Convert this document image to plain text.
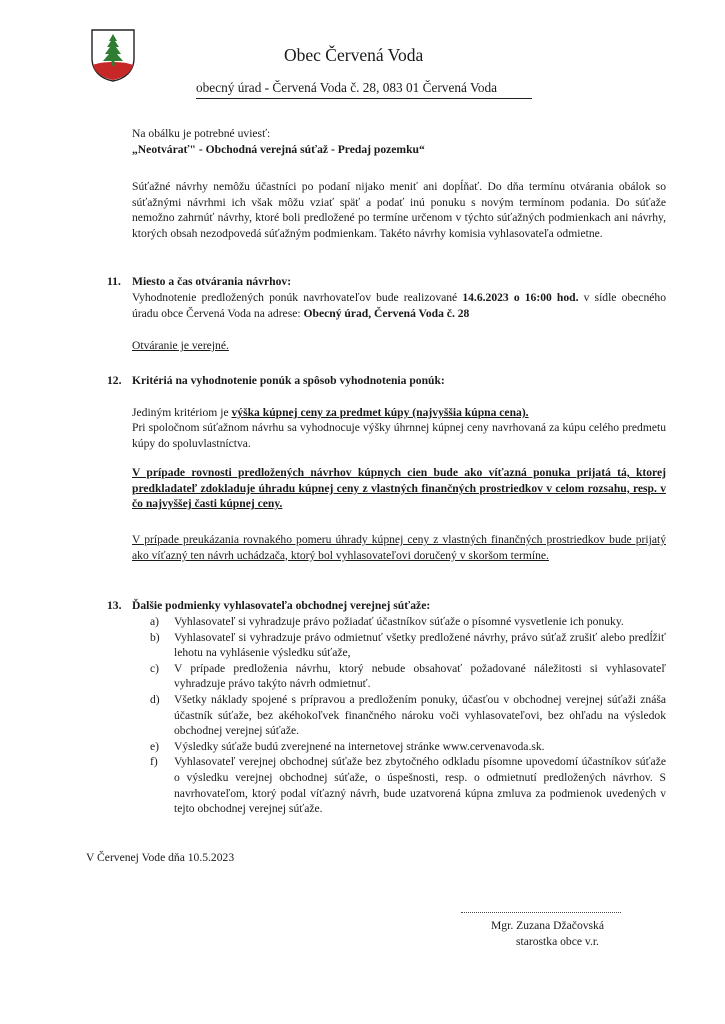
Obec Červená Voda
obecný úrad - Červená Voda č. 28, 083 01 Červená Voda

Na obálku je potrebné uviesť:

„Neotvárať" - Obchodná verejná súťaž - Predaj pozemku“

Súťažné návrhy nemôžu účastníci po podaní nijako meniť ani dopĺňať. Do dňa termínu otvárania obálok so súťažnými návrhmi ich však môžu vziať späť a podať inú ponuku s novým termínom podania. Do súťaže nemožno zahrnúť návrhy, ktoré boli predložené po termíne určenom v týchto súťažných podmienkach ani návrhy, ktorých obsah nezodpovedá súťažným podmienkam. Takéto návrhy komisia vyhlasovateľa odmietne.

11. Miesto a čas otvárania návrhov:

Vyhodnotenie predložených ponúk navrhovateľov bude realizované 14.6.2023 o 16:00 hod. v sídle obecného úradu obce Červená Voda na adrese: Obecný úrad, Červená Voda č. 28

Otváranie je verejné.

12. Kritériá na vyhodnotenie ponúk a spôsob vyhodnotenia ponúk:

Jediným kritériom je výška kúpnej ceny za predmet kúpy (najvyššia kúpna cena).

Pri spoločnom súťažnom návrhu sa vyhodnocuje výšky úhrnnej kúpnej ceny navrhovaná za kúpu celého predmetu kúpy do spoluvlastníctva.

V prípade rovnosti predložených návrhov kúpnych cien bude ako víťazná ponuka prijatá tá, ktorej predkladateľ zdokladuje úhradu kúpnej ceny z vlastných finančných prostriedkov v celom rozsahu, resp. v čo najvyššej časti kúpnej ceny.

V prípade preukázania rovnakého pomeru úhrady kúpnej ceny z vlastných finančných prostriedkov bude prijatý ako víťazný ten návrh uchádzača, ktorý bol vyhlasovateľovi doručený v skoršom termíne.

13. Ďalšie podmienky vyhlasovateľa obchodnej verejnej súťaže:
a) Vyhlasovateľ si vyhradzuje právo požiadať účastníkov súťaže o písomné vysvetlenie ich ponuky.
b) Vyhlasovateľ si vyhradzuje právo odmietnuť všetky predložené návrhy, právo súťaž zrušiť alebo predĺžiť lehotu na vyhlásenie výsledku súťaže,
c) V prípade predloženia návrhu, ktorý nebude obsahovať požadované náležitosti si vyhlasovateľ vyhradzuje právo takýto návrh odmietnuť.
d) Všetky náklady spojené s prípravou a predložením ponuky, účasťou v obchodnej verejnej súťaži znáša účastník súťaže, bez akéhokoľvek finančného nároku voči vyhlasovateľovi, bez ohľadu na výsledok obchodnej verejnej súťaže.
e) Výsledky súťaže budú zverejnené na internetovej stránke www.cervenavoda.sk.
f) Vyhlasovateľ verejnej obchodnej súťaže bez zbytočného odkladu písomne upovedomí účastníkov súťaže o výsledku verejnej obchodnej súťaže, o úspešnosti, resp. o odmietnutí predložených návrhov. S navrhovateľom, ktorý podal víťazný návrh, bude uzatvorená kúpna zmluva za podmienok uvedených v tejto obchodnej verejnej súťaže.

V Červenej Vode dňa 10.5.2023

Mgr. Zuzana Džačovská
starostka obce v.r.
